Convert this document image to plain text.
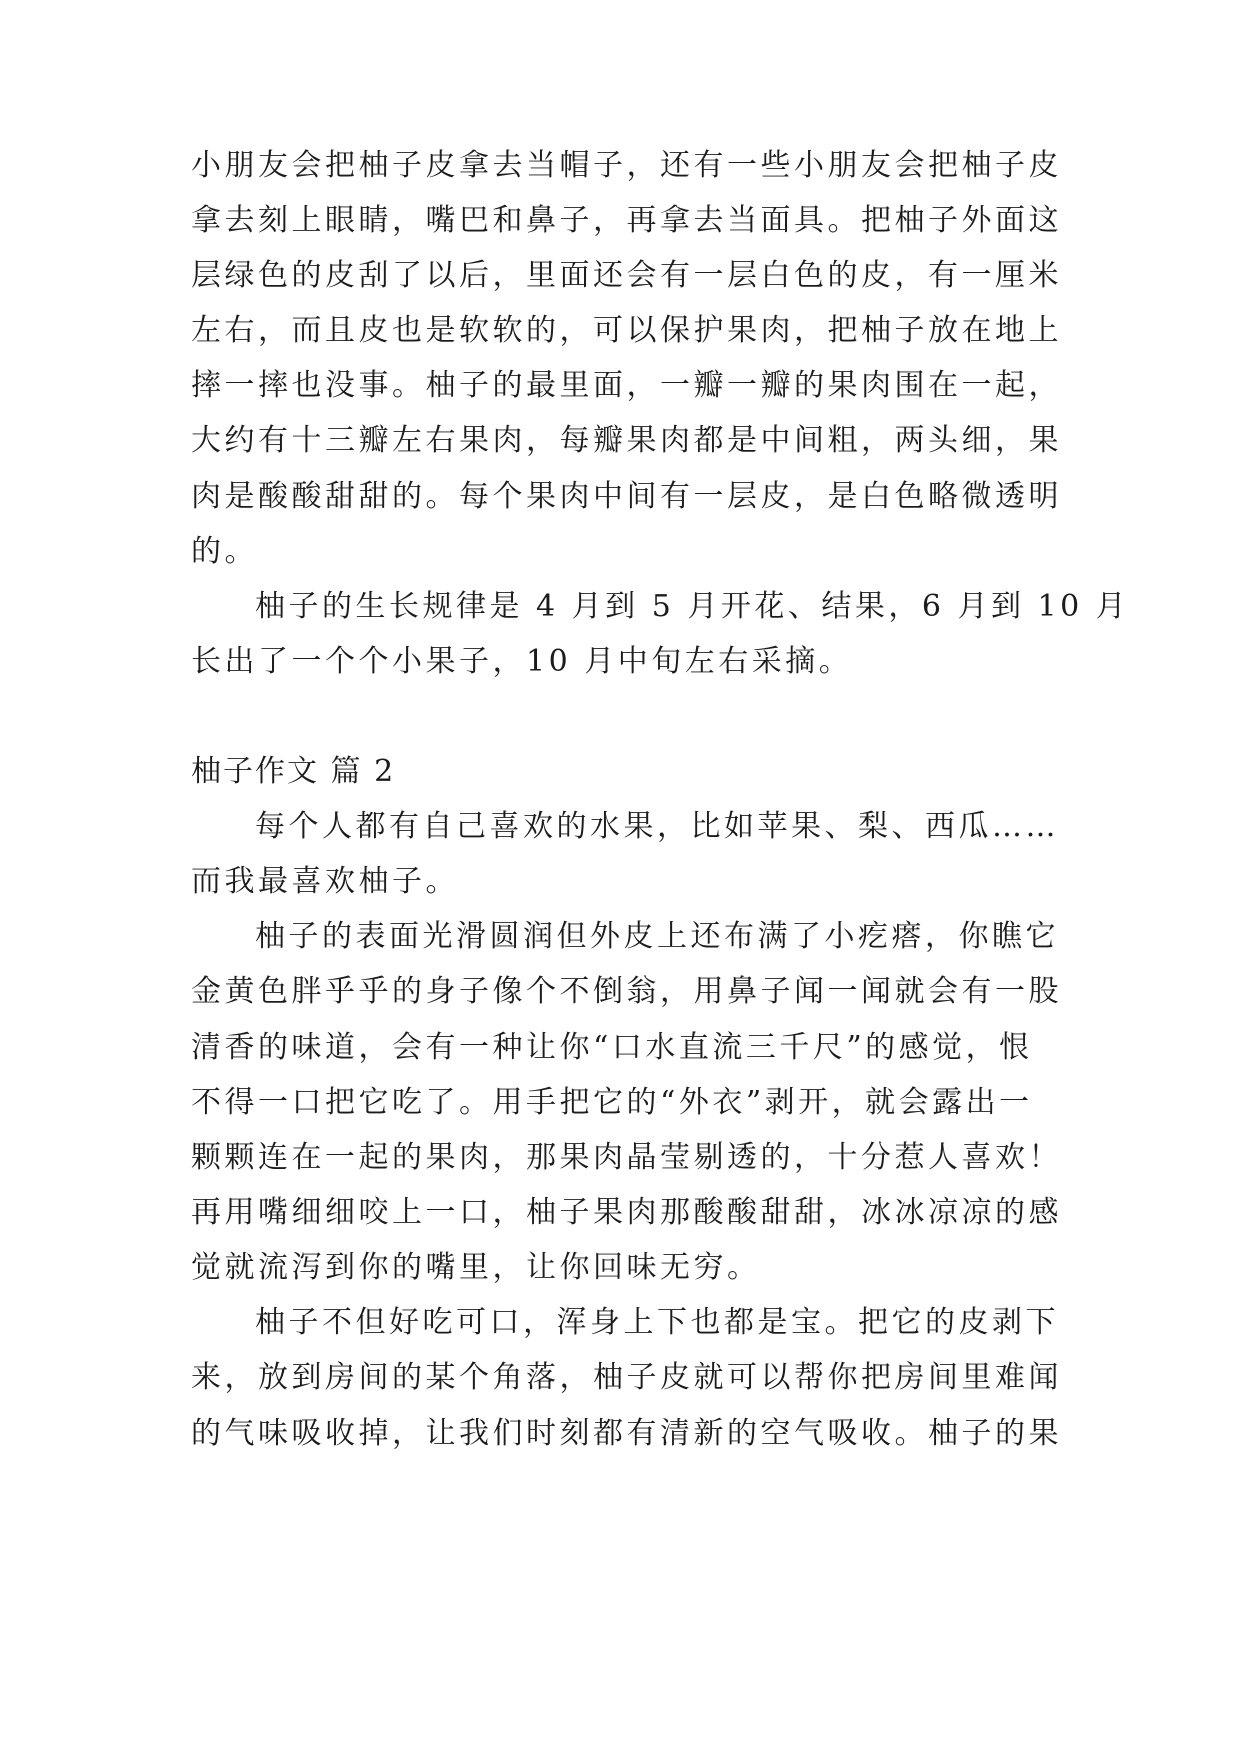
小朋友会把柚子皮拿去当帽子，还有一些小朋友会把柚子皮
拿去刻上眼睛，嘴巴和鼻子，再拿去当面具。把柚子外面这
层绿色的皮刮了以后，里面还会有一层白色的皮，有一厘米
左右，而且皮也是软软的，可以保护果肉，把柚子放在地上
摔一摔也没事。柚子的最里面，一瓣一瓣的果肉围在一起，
大约有十三瓣左右果肉，每瓣果肉都是中间粗，两头细，果
肉是酸酸甜甜的。每个果肉中间有一层皮，是白色略微透明
的。
柚子的生长规律是 4 月到 5 月开花、结果，6 月到 10 月
长出了一个个小果子，10 月中旬左右采摘。
柚子作文 篇 2
每个人都有自己喜欢的水果，比如苹果、梨、西瓜……
而我最喜欢柚子。
柚子的表面光滑圆润但外皮上还布满了小疙瘩，你瞧它
金黄色胖乎乎的身子像个不倒翁，用鼻子闻一闻就会有一股
清香的味道，会有一种让你“口水直流三千尺”的感觉，恨
不得一口把它吃了。用手把它的“外衣”剥开，就会露出一
颗颗连在一起的果肉，那果肉晶莹剔透的，十分惹人喜欢！
再用嘴细细咬上一口，柚子果肉那酸酸甜甜，冰冰凉凉的感
觉就流泻到你的嘴里，让你回味无穷。
柚子不但好吃可口，浑身上下也都是宝。把它的皮剥下
来，放到房间的某个角落，柚子皮就可以帮你把房间里难闻
的气味吸收掉，让我们时刻都有清新的空气吸收。柚子的果
